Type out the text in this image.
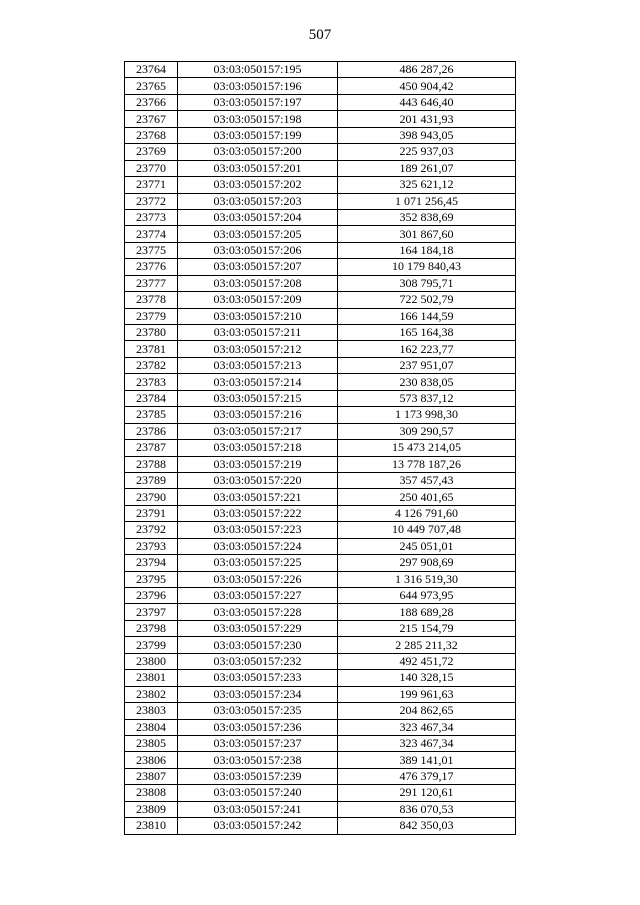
507
23764	03:03:050157:195	486 287,26
23765	03:03:050157:196	450 904,42
23766	03:03:050157:197	443 646,40
23767	03:03:050157:198	201 431,93
23768	03:03:050157:199	398 943,05
23769	03:03:050157:200	225 937,03
23770	03:03:050157:201	189 261,07
23771	03:03:050157:202	325 621,12
23772	03:03:050157:203	1 071 256,45
23773	03:03:050157:204	352 838,69
23774	03:03:050157:205	301 867,60
23775	03:03:050157:206	164 184,18
23776	03:03:050157:207	10 179 840,43
23777	03:03:050157:208	308 795,71
23778	03:03:050157:209	722 502,79
23779	03:03:050157:210	166 144,59
23780	03:03:050157:211	165 164,38
23781	03:03:050157:212	162 223,77
23782	03:03:050157:213	237 951,07
23783	03:03:050157:214	230 838,05
23784	03:03:050157:215	573 837,12
23785	03:03:050157:216	1 173 998,30
23786	03:03:050157:217	309 290,57
23787	03:03:050157:218	15 473 214,05
23788	03:03:050157:219	13 778 187,26
23789	03:03:050157:220	357 457,43
23790	03:03:050157:221	250 401,65
23791	03:03:050157:222	4 126 791,60
23792	03:03:050157:223	10 449 707,48
23793	03:03:050157:224	245 051,01
23794	03:03:050157:225	297 908,69
23795	03:03:050157:226	1 316 519,30
23796	03:03:050157:227	644 973,95
23797	03:03:050157:228	188 689,28
23798	03:03:050157:229	215 154,79
23799	03:03:050157:230	2 285 211,32
23800	03:03:050157:232	492 451,72
23801	03:03:050157:233	140 328,15
23802	03:03:050157:234	199 961,63
23803	03:03:050157:235	204 862,65
23804	03:03:050157:236	323 467,34
23805	03:03:050157:237	323 467,34
23806	03:03:050157:238	389 141,01
23807	03:03:050157:239	476 379,17
23808	03:03:050157:240	291 120,61
23809	03:03:050157:241	836 070,53
23810	03:03:050157:242	842 350,03
